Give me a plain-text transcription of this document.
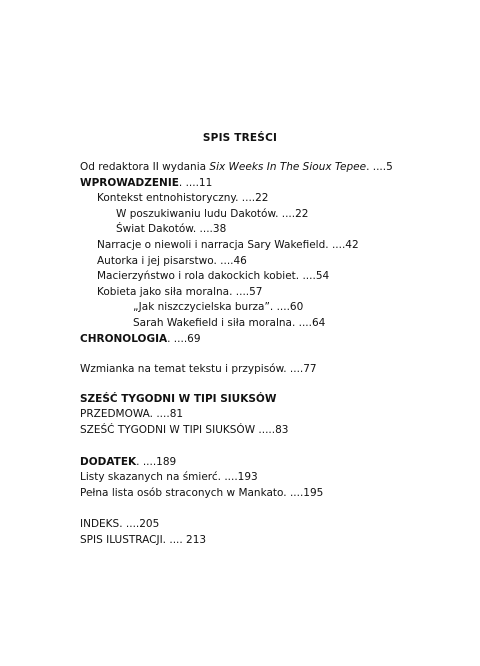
SPIS TREŚCI
Od redaktora II wydania Six Weeks In The Sioux Tepee. ....5
WPROWADZENIE. ....11
Kontekst entnohistoryczny. ....22
W poszukiwaniu ludu Dakotów. ....22
Świat Dakotów. ....38
Narracje o niewoli i narracja Sary Wakefield. ....42
Autorka i jej pisarstwo. ....46
Macierzyństwo i rola dakockich kobiet. ....54
Kobieta jako siła moralna. ....57
„Jak niszczycielska burza”. ....60
Sarah Wakefield i siła moralna. ....64
CHRONOLOGIA. ....69
Wzmianka na temat tekstu i przypisów. ....77
SZEŚĆ TYGODNI W TIPI SIUKSÓW
PRZEDMOWA. ....81
SZEŚĆ TYGODNI W TIPI SIUKSÓW .....83
DODATEK. ....189
Listy skazanych na śmierć. ....193
Pełna lista osób straconych w Mankato. ....195
INDEKS. ....205
SPIS ILUSTRACJI. .... 213
